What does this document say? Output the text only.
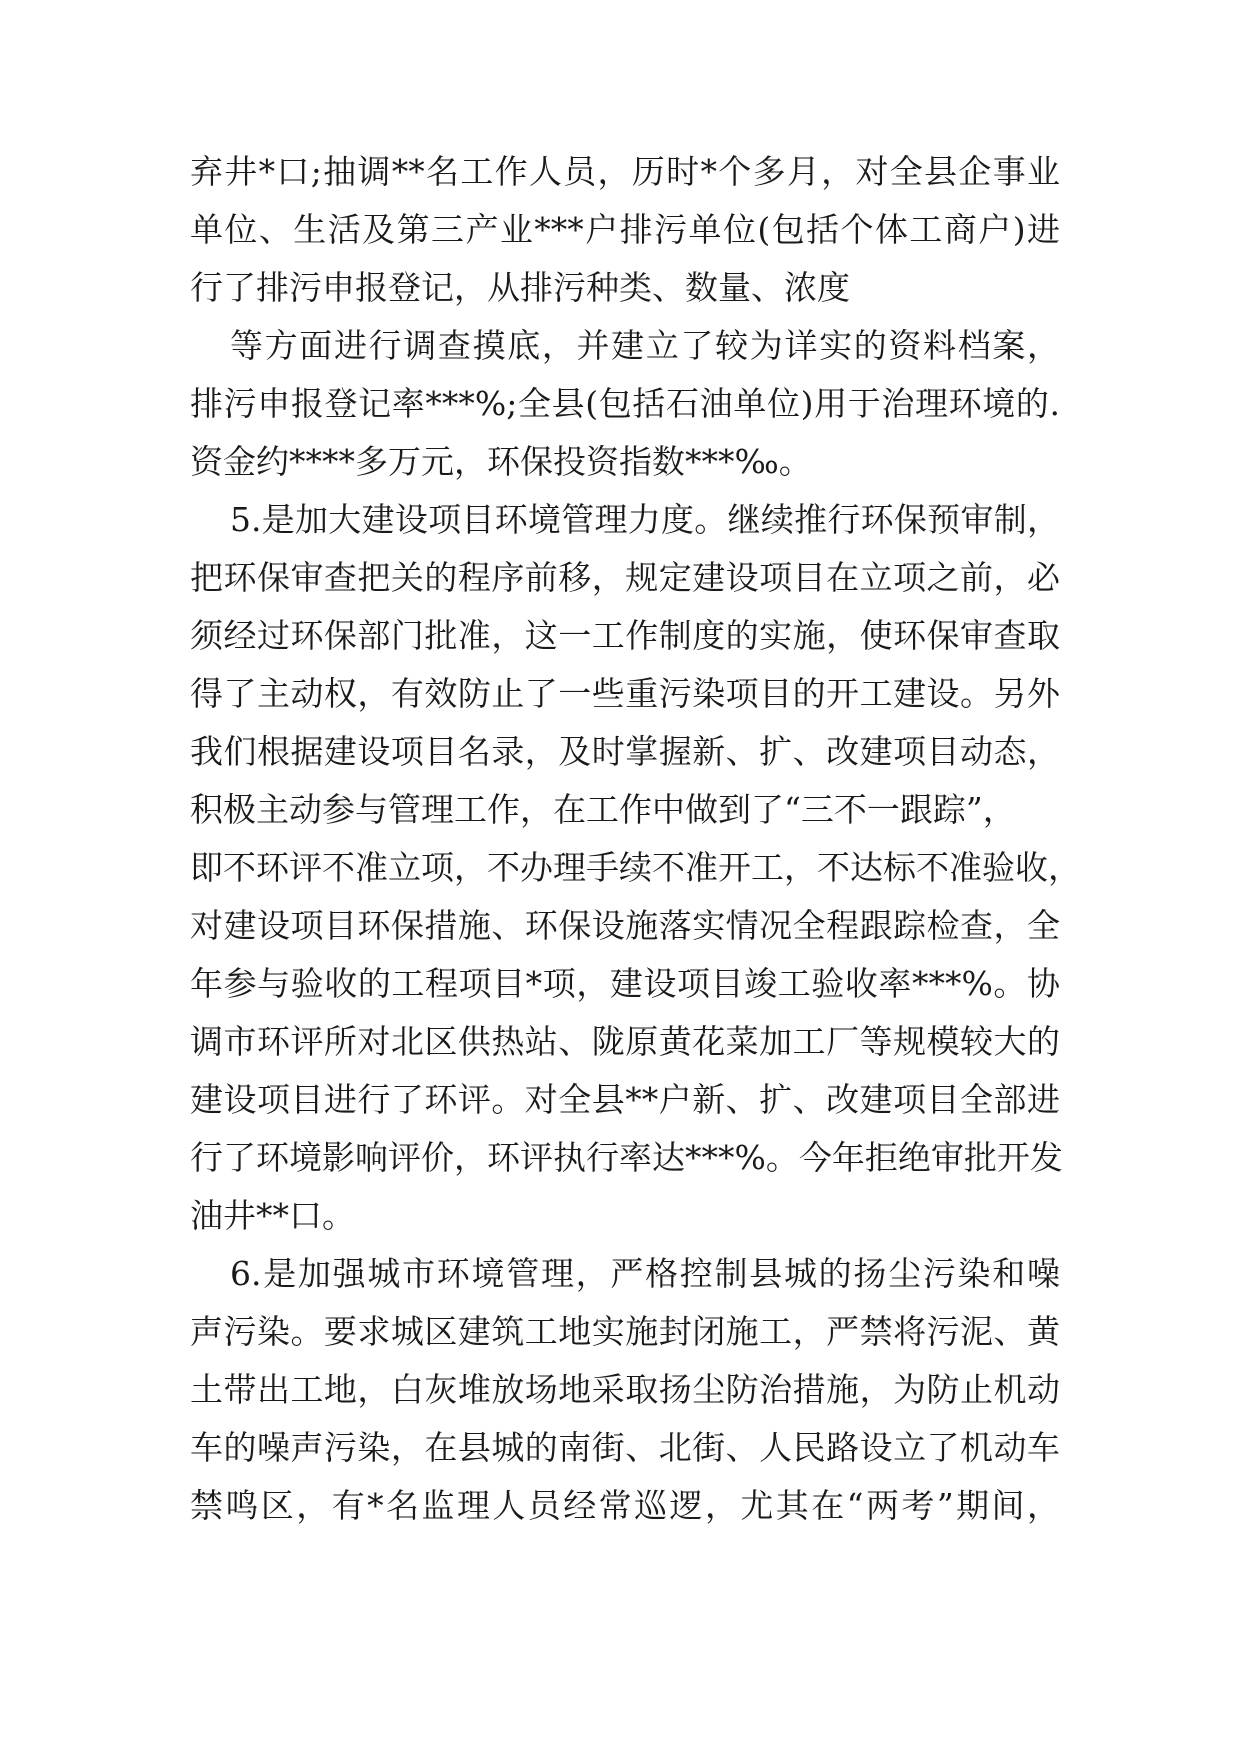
弃井*口;抽调**名工作人员，历时*个多月，对全县企事业
单位、生活及第三产业***户排污单位(包括个体工商户)进
行了排污申报登记，从排污种类、数量、浓度
等方面进行调查摸底，并建立了较为详实的资料档案，
排污申报登记率***%;全县(包括石油单位)用于治理环境的.
资金约****多万元，环保投资指数***‰。
5.是加大建设项目环境管理力度。继续推行环保预审制，
把环保审查把关的程序前移，规定建设项目在立项之前，必
须经过环保部门批准，这一工作制度的实施，使环保审查取
得了主动权，有效防止了一些重污染项目的开工建设。另外
我们根据建设项目名录，及时掌握新、扩、改建项目动态，
积极主动参与管理工作，在工作中做到了“三不一跟踪”，
即不环评不准立项，不办理手续不准开工，不达标不准验收，
对建设项目环保措施、环保设施落实情况全程跟踪检查，全
年参与验收的工程项目*项，建设项目竣工验收率***%。协
调市环评所对北区供热站、陇原黄花菜加工厂等规模较大的
建设项目进行了环评。对全县**户新、扩、改建项目全部进
行了环境影响评价，环评执行率达***%。今年拒绝审批开发
油井**口。
6.是加强城市环境管理，严格控制县城的扬尘污染和噪
声污染。要求城区建筑工地实施封闭施工，严禁将污泥、黄
土带出工地，白灰堆放场地采取扬尘防治措施，为防止机动
车的噪声污染，在县城的南街、北街、人民路设立了机动车
禁鸣区，有*名监理人员经常巡逻，尤其在“两考”期间，
